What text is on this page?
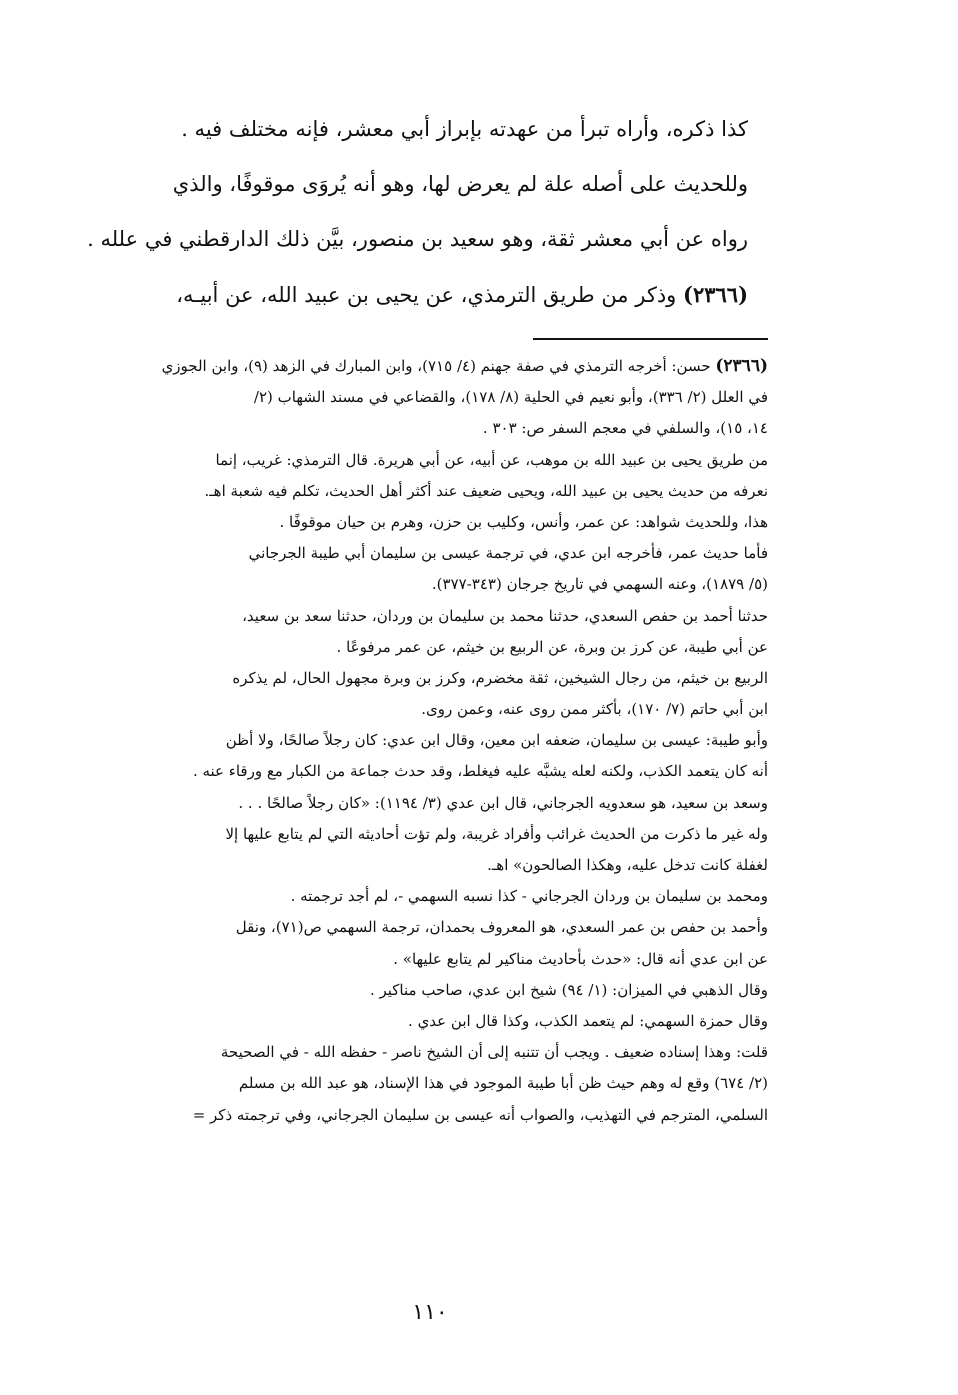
كذا ذكره، وأراه تبرأ من عهدته بإبراز أبي معشر، فإنه مختلف فيه .
وللحديث على أصله علة لم يعرض لها، وهو أنه يُروَى موقوفًا، والذي
رواه عن أبي معشر ثقة، وهو سعيد بن منصور، بيَّن ذلك الدارقطني في علله .
(٢٣٦٦) وذكر من طريق الترمذي، عن يحيى بن عبيد الله، عن أبيـه،
(٢٣٦٦) حسن: أخرجه الترمذي في صفة جهنم (٤/ ٧١٥)، وابن المبارك في الزهد (٩)، وابن الجوزي
في العلل (٢/ ٣٣٦)، وأبو نعيم في الحلية (٨/ ١٧٨)، والقضاعي في مسند الشهاب (٢/
١٤، ١٥)، والسلفي في معجم السفر ص: ٣٠٣ .
من طريق يحيى بن عبيد الله بن موهب، عن أبيه، عن أبي هريرة. قال الترمذي: غريب، إنما
نعرفه من حديث يحيى بن عبيد الله، ويحيى ضعيف عند أكثر أهل الحديث، تكلم فيه شعبة اهـ.
هذا، وللحديث شواهد: عن عمر، وأنس، وكليب بن حزن، وهرم بن حيان موقوفًا .
فأما حديث عمر، فأخرجه ابن عدي، في ترجمة عيسى بن سليمان أبي طيبة الجرجاني
(٥/ ١٨٧٩)، وعنه السهمي في تاريخ جرجان (٣٤٣-٣٧٧).
حدثنا أحمد بن حفص السعدي، حدثنا محمد بن سليمان بن وردان، حدثنا سعد بن سعيد،
عن أبي طيبة، عن كرز بن وبرة، عن الربيع بن خيثم، عن عمر مرفوعًا .
الربيع بن خيثم، من رجال الشيخين، ثقة مخضرم، وكرز بن وبرة مجهول الحال، لم يذكره
ابن أبي حاتم (٧/ ١٧٠)، بأكثر ممن روى عنه، وعمن روى.
وأبو طيبة: عيسى بن سليمان، ضعفه ابن معين، وقال ابن عدي: كان رجلاً صالحًا، ولا أظن
أنه كان يتعمد الكذب، ولكنه لعله يشبَّه عليه فيغلط، وقد حدث جماعة من الكبار مع ورقاء عنه .
وسعد بن سعيد، هو سعدويه الجرجاني، قال ابن عدي (٣/ ١١٩٤): «كان رجلاً صالحًا . . .
وله غير ما ذكرت من الحديث غرائب وأفراد غريبة، ولم تؤت أحاديثه التي لم يتابع عليها إلا
لغفلة كانت تدخل عليه، وهكذا الصالحون» اهـ.
ومحمد بن سليمان بن وردان الجرجاني - كذا نسبه السهمي -، لم أجد ترجمته .
وأحمد بن حفص بن عمر السعدي، هو المعروف بحمدان، ترجمة السهمي ص(٧١)، ونقل
عن ابن عدي أنه قال: «حدث بأحاديث مناكير لم يتابع عليها» .
وقال الذهبي في الميزان: (١/ ٩٤) شيخ ابن عدي، صاحب مناكير .
وقال حمزة السهمي: لم يتعمد الكذب، وكذا قال ابن عدي .
قلت: وهذا إسناده ضعيف . ويجب أن تتنبه إلى أن الشيخ ناصر - حفظه الله - في الصحيحة
(٢/ ٦٧٤) وقع له وهم حيث ظن أبا طيبة الموجود في هذا الإسناد، هو عبد الله بن مسلم
السلمي، المترجم في التهذيب، والصواب أنه عيسى بن سليمان الجرجاني، وفي ترجمته ذكر =
١١٠
